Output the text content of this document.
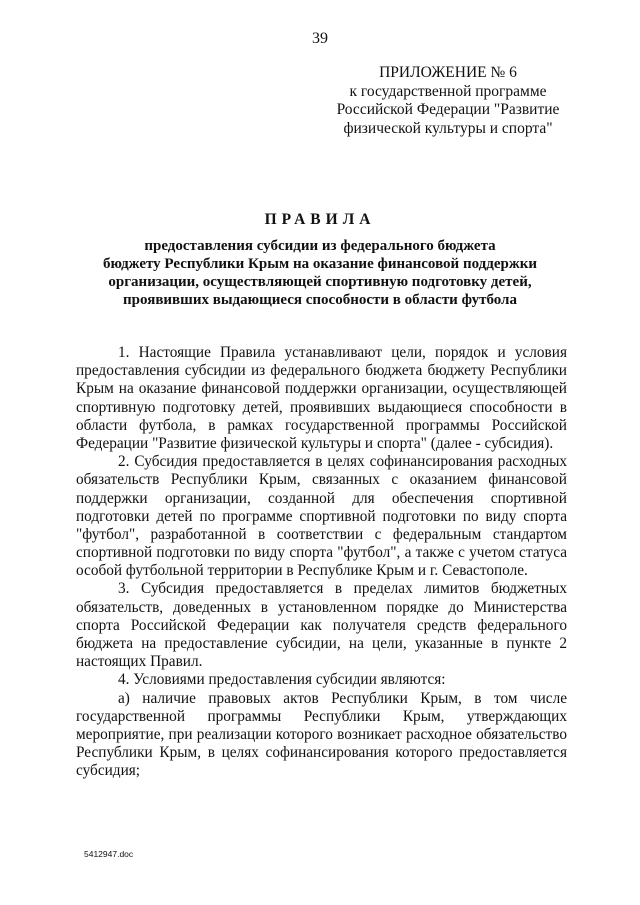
39
ПРИЛОЖЕНИЕ № 6
к государственной программе
Российской Федерации "Развитие
физической культуры и спорта"
ПРАВИЛА
предоставления субсидии из федерального бюджета
бюджету Республики Крым на оказание финансовой поддержки
организации, осуществляющей спортивную подготовку детей,
проявивших выдающиеся способности в области футбола
1. Настоящие Правила устанавливают цели, порядок и условия
предоставления субсидии из федерального бюджета бюджету Республики
Крым на оказание финансовой поддержки организации, осуществляющей
спортивную подготовку детей, проявивших выдающиеся способности в
области футбола, в рамках государственной программы Российской
Федерации "Развитие физической культуры и спорта" (далее - субсидия).
2. Субсидия предоставляется в целях софинансирования расходных
обязательств Республики Крым, связанных с оказанием финансовой
поддержки организации, созданной для обеспечения спортивной
подготовки детей по программе спортивной подготовки по виду спорта
"футбол", разработанной в соответствии с федеральным стандартом
спортивной подготовки по виду спорта "футбол", а также с учетом статуса
особой футбольной территории в Республике Крым и г. Севастополе.
3. Субсидия предоставляется в пределах лимитов бюджетных
обязательств, доведенных в установленном порядке до Министерства
спорта Российской Федерации как получателя средств федерального
бюджета на предоставление субсидии, на цели, указанные в пункте 2
настоящих Правил.
4. Условиями предоставления субсидии являются:
а) наличие правовых актов Республики Крым, в том числе
государственной программы Республики Крым, утверждающих
мероприятие, при реализации которого возникает расходное обязательство
Республики Крым, в целях софинансирования которого предоставляется
субсидия;
5412947.doc
